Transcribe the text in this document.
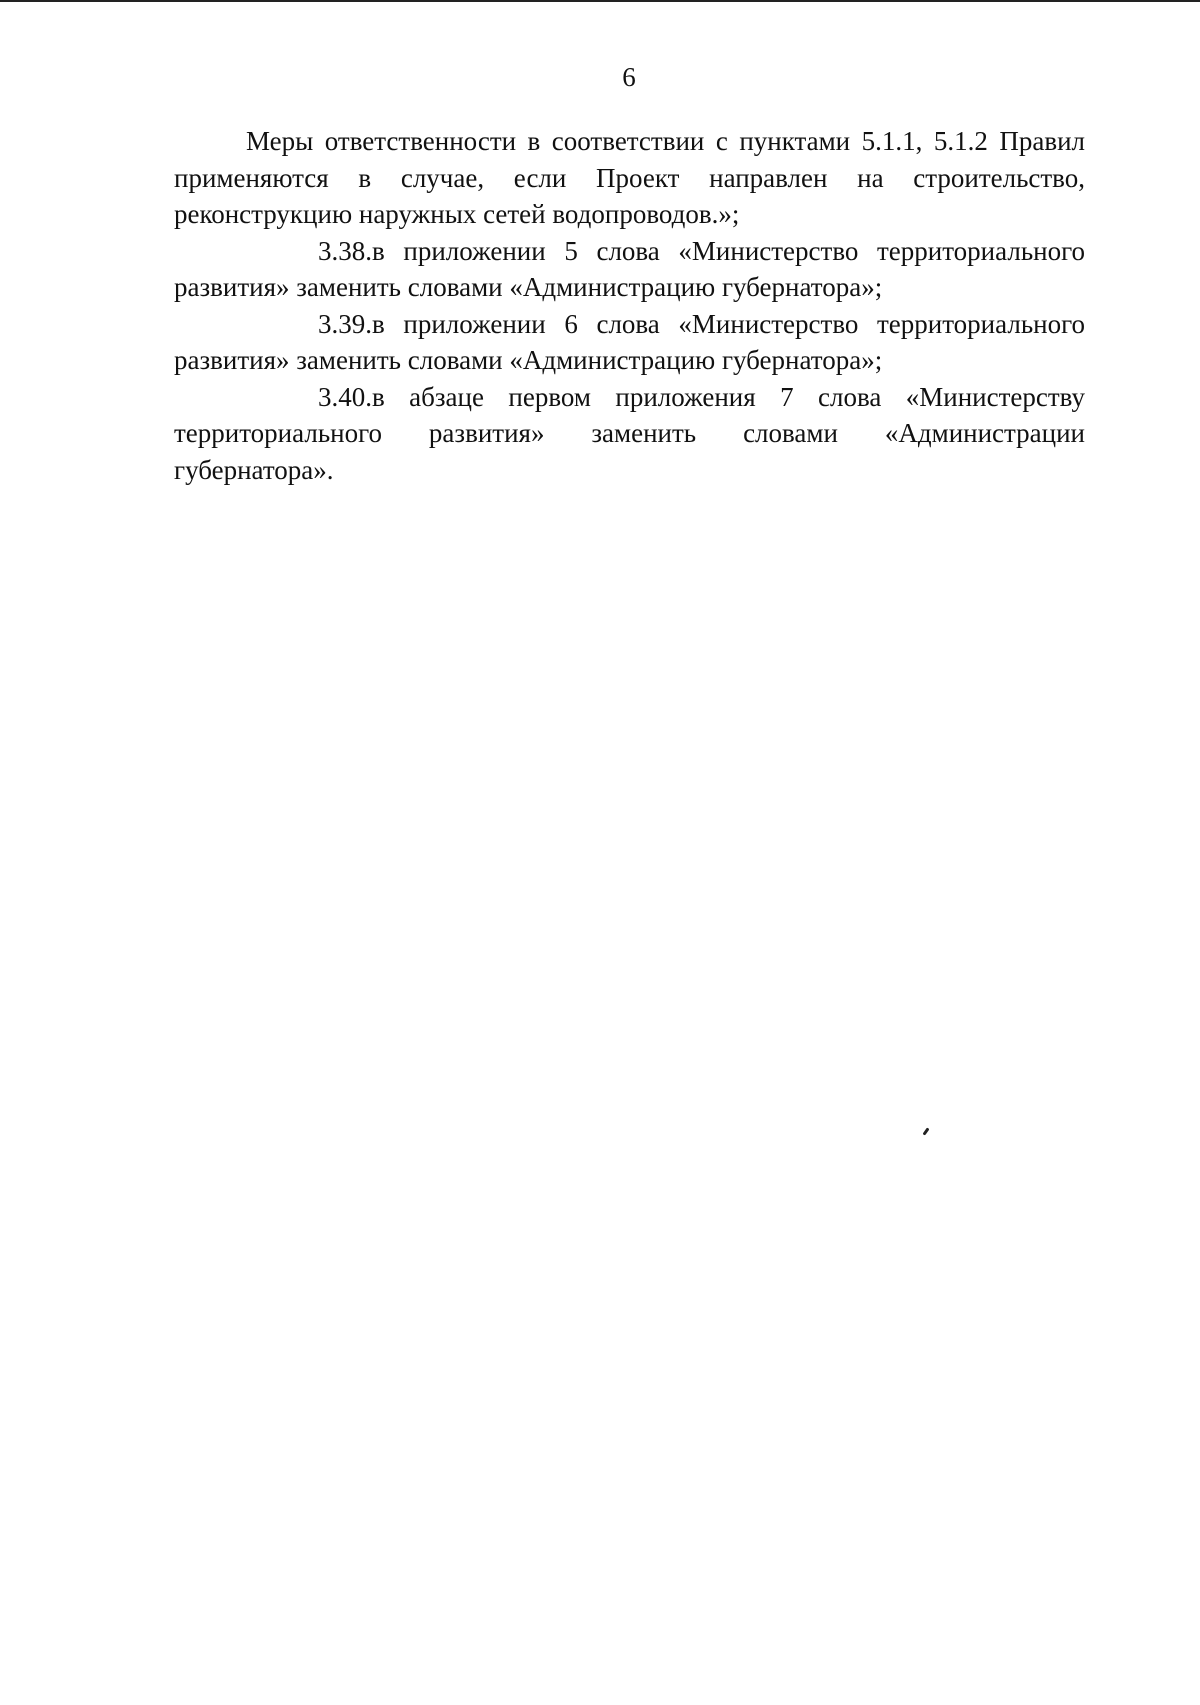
6

Меры ответственности в соответствии с пунктами 5.1.1, 5.1.2 Правил применяются в случае, если Проект направлен на строительство, реконструкцию наружных сетей водопроводов.»;

3.38.в приложении 5 слова «Министерство территориального развития» заменить словами «Администрацию губернатора»;

3.39.в приложении 6 слова «Министерство территориального развития» заменить словами «Администрацию губернатора»;

3.40.в абзаце первом приложения 7 слова «Министерству территориального развития» заменить словами «Администрации губернатора».
